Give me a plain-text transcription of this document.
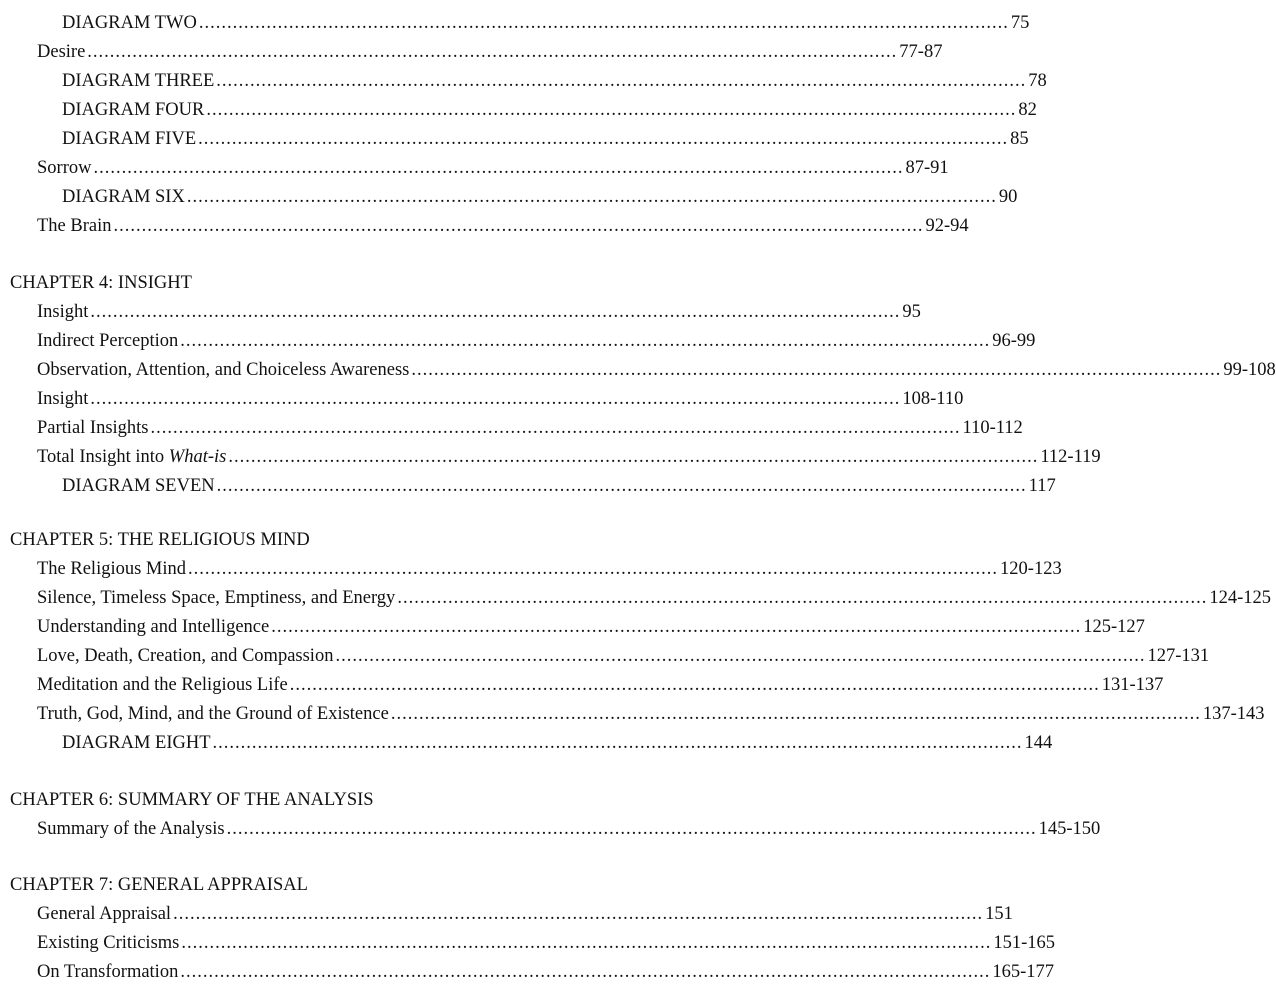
DIAGRAM TWO ................................................................................................................................................ 75
Desire ................................................................................................................................................ 77-87
DIAGRAM THREE ................................................................................................................................................ 78
DIAGRAM FOUR ................................................................................................................................................ 82
DIAGRAM FIVE ................................................................................................................................................ 85
Sorrow ................................................................................................................................................ 87-91
DIAGRAM SIX ................................................................................................................................................ 90
The Brain ................................................................................................................................................ 92-94
CHAPTER 4: INSIGHT
Insight ................................................................................................................................................ 95
Indirect Perception ................................................................................................................................................ 96-99
Observation, Attention, and Choiceless Awareness ................................................................................................................................................ 99-108
Insight ................................................................................................................................................ 108-110
Partial Insights ................................................................................................................................................ 110-112
Total Insight into What-is ................................................................................................................................................ 112-119
DIAGRAM SEVEN ................................................................................................................................................ 117
CHAPTER 5: THE RELIGIOUS MIND
The Religious Mind ................................................................................................................................................ 120-123
Silence, Timeless Space, Emptiness, and Energy ................................................................................................................................................ 124-125
Understanding and Intelligence ................................................................................................................................................ 125-127
Love, Death, Creation, and Compassion ................................................................................................................................................ 127-131
Meditation and the Religious Life ................................................................................................................................................ 131-137
Truth, God, Mind, and the Ground of Existence ................................................................................................................................................ 137-143
DIAGRAM EIGHT ................................................................................................................................................ 144
CHAPTER 6: SUMMARY OF THE ANALYSIS
Summary of the Analysis ................................................................................................................................................ 145-150
CHAPTER 7: GENERAL APPRAISAL
General Appraisal ................................................................................................................................................ 151
Existing Criticisms ................................................................................................................................................ 151-165
On Transformation ................................................................................................................................................ 165-177
